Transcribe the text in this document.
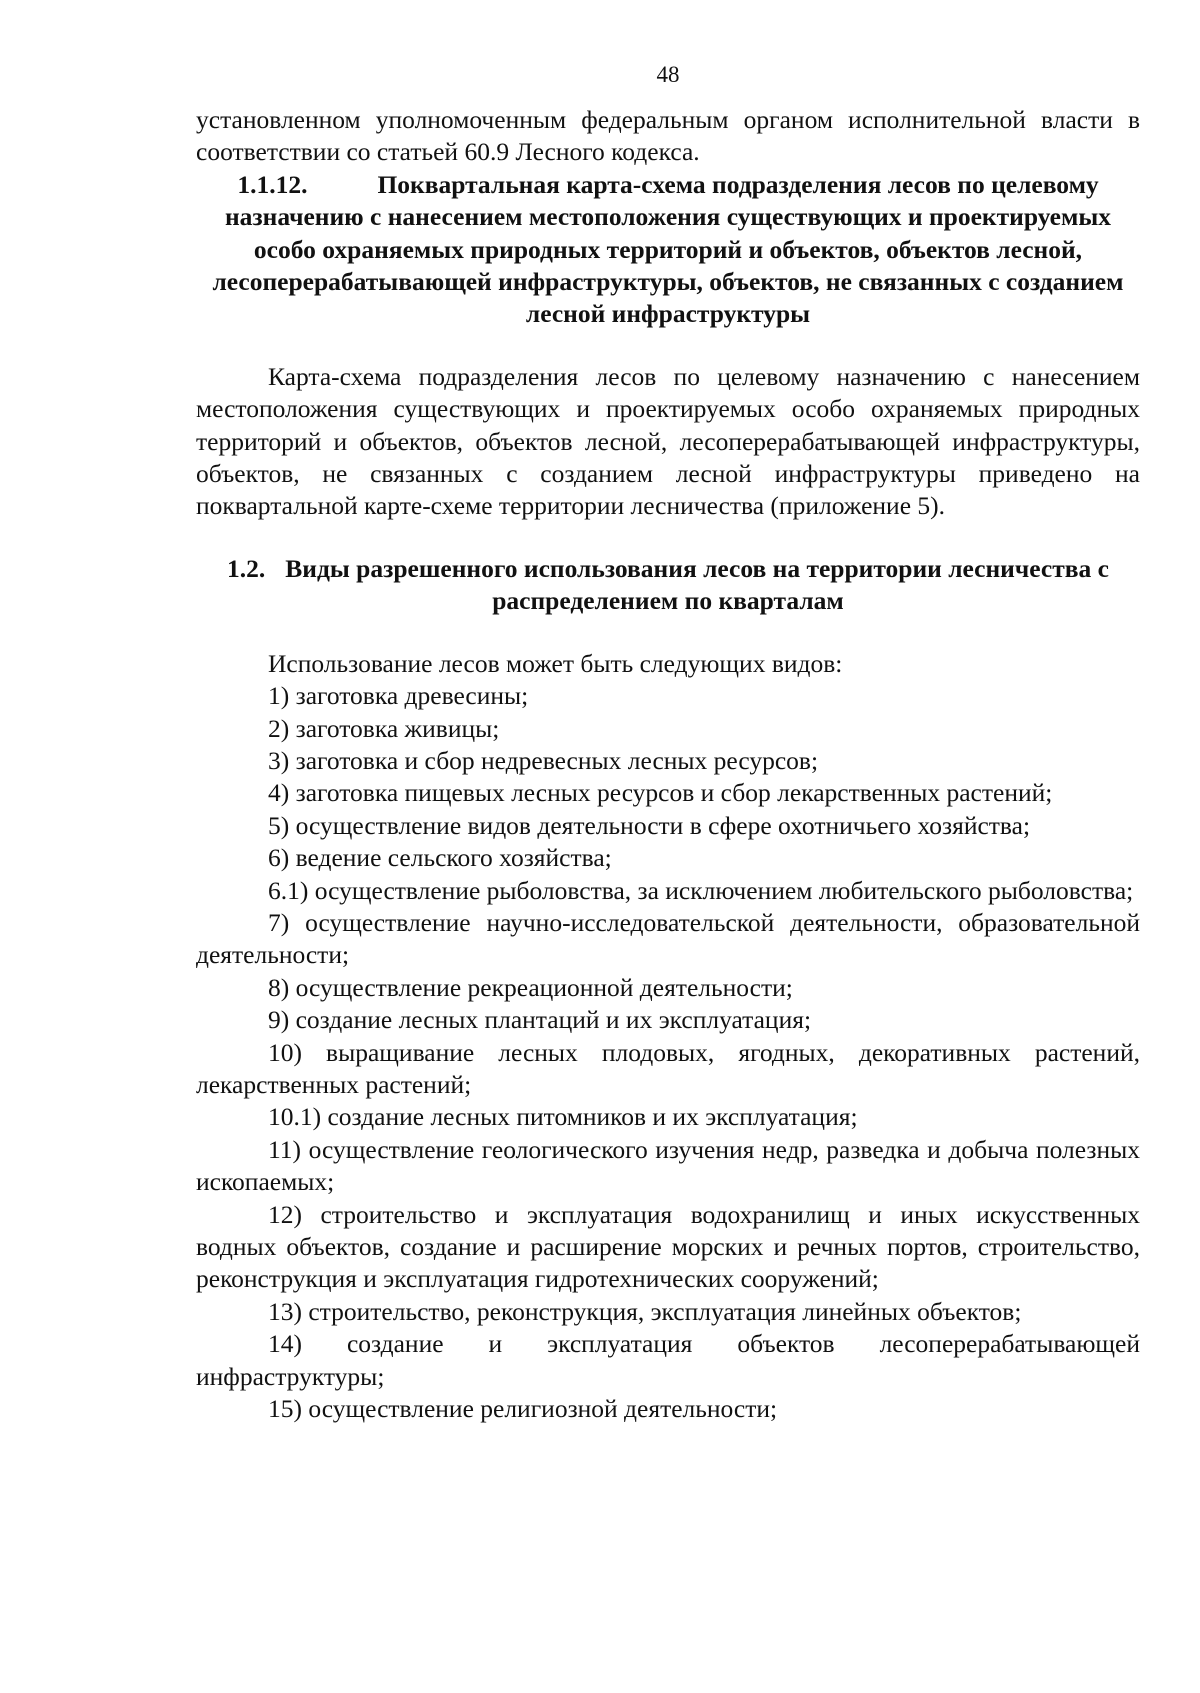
48

установленном уполномоченным федеральным органом исполнительной власти в соответствии со статьей 60.9 Лесного кодекса.

1.1.12.	Поквартальная карта-схема подразделения лесов по целевому назначению с нанесением местоположения существующих и проектируемых особо охраняемых природных территорий и объектов, объектов лесной, лесоперерабатывающей инфраструктуры, объектов, не связанных с созданием лесной инфраструктуры

Карта-схема подразделения лесов по целевому назначению с нанесением местоположения существующих и проектируемых особо охраняемых природных территорий и объектов, объектов лесной, лесоперерабатывающей инфраструктуры, объектов, не связанных с созданием лесной инфраструктуры приведено на поквартальной карте-схеме территории лесничества (приложение 5).

1.2. Виды разрешенного использования лесов на территории лесничества с распределением по кварталам

Использование лесов может быть следующих видов:

1) заготовка древесины;

2) заготовка живицы;

3) заготовка и сбор недревесных лесных ресурсов;

4) заготовка пищевых лесных ресурсов и сбор лекарственных растений;

5) осуществление видов деятельности в сфере охотничьего хозяйства;

6) ведение сельского хозяйства;

6.1) осуществление рыболовства, за исключением любительского рыболовства;

7) осуществление научно-исследовательской деятельности, образовательной деятельности;

8) осуществление рекреационной деятельности;

9) создание лесных плантаций и их эксплуатация;

10) выращивание лесных плодовых, ягодных, декоративных растений, лекарственных растений;

10.1) создание лесных питомников и их эксплуатация;

11) осуществление геологического изучения недр, разведка и добыча полезных ископаемых;

12) строительство и эксплуатация водохранилищ и иных искусственных водных объектов, создание и расширение морских и речных портов, строительство, реконструкция и эксплуатация гидротехнических сооружений;

13) строительство, реконструкция, эксплуатация линейных объектов;

14) создание и эксплуатация объектов лесоперерабатывающей инфраструктуры;

15) осуществление религиозной деятельности;
